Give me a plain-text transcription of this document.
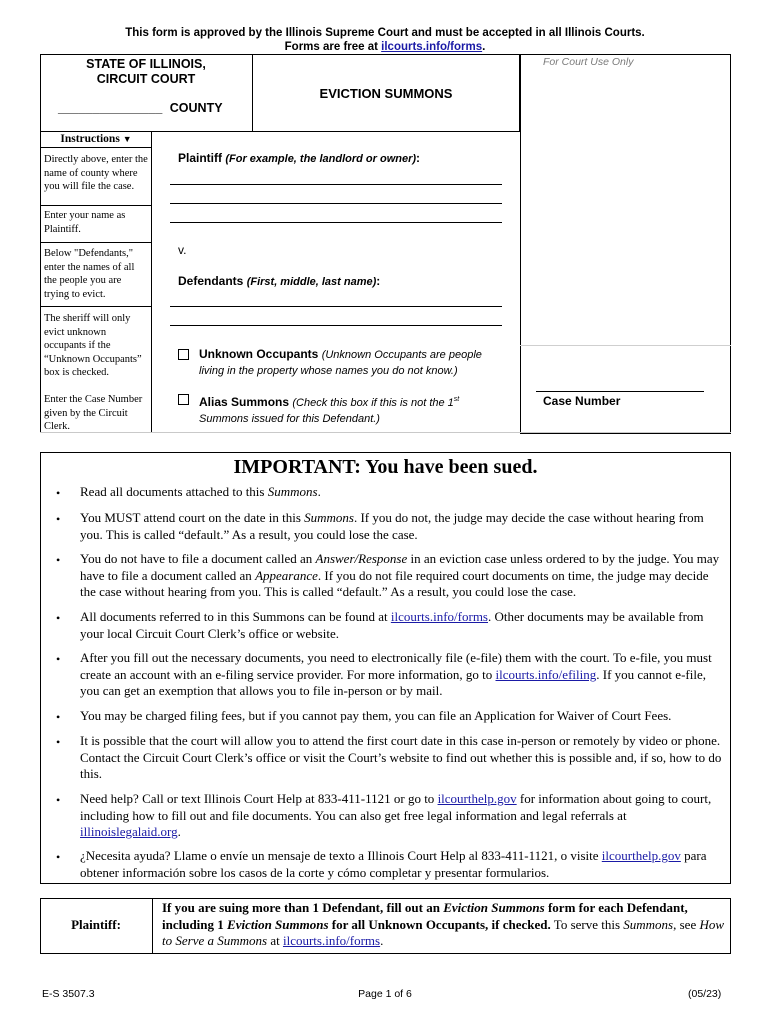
This form is approved by the Illinois Supreme Court and must be accepted in all Illinois Courts.
Forms are free at ilcourts.info/forms.
STATE OF ILLINOIS,
CIRCUIT COURT
_______________ COUNTY
EVICTION SUMMONS
For Court Use Only
Instructions ▼
Directly above, enter the name of county where you will file the case.
Enter your name as Plaintiff.
Below "Defendants," enter the names of all the people you are trying to evict.
The sheriff will only evict unknown occupants if the “Unknown Occupants” box is checked.
Enter the Case Number given by the Circuit Clerk.
Plaintiff (For example, the landlord or owner):
v.
Defendants (First, middle, last name):
Unknown Occupants (Unknown Occupants are people
living in the property whose names you do not know.)
Alias Summons (Check this box if this is not the 1st
Summons issued for this Defendant.)
Case Number
IMPORTANT: You have been sued.
• Read all documents attached to this Summons.
• You MUST attend court on the date in this Summons. If you do not, the judge may decide the case without hearing from you. This is called “default.” As a result, you could lose the case.
• You do not have to file a document called an Answer/Response in an eviction case unless ordered to by the judge. You may have to file a document called an Appearance. If you do not file required court documents on time, the judge may decide the case without hearing from you. This is called “default.” As a result, you could lose the case.
• All documents referred to in this Summons can be found at ilcourts.info/forms. Other documents may be available from your local Circuit Court Clerk’s office or website.
• After you fill out the necessary documents, you need to electronically file (e-file) them with the court. To e-file, you must create an account with an e-filing service provider. For more information, go to ilcourts.info/efiling. If you cannot e-file, you can get an exemption that allows you to file in-person or by mail.
• You may be charged filing fees, but if you cannot pay them, you can file an Application for Waiver of Court Fees.
• It is possible that the court will allow you to attend the first court date in this case in-person or remotely by video or phone. Contact the Circuit Court Clerk’s office or visit the Court’s website to find out whether this is possible and, if so, how to do this.
• Need help? Call or text Illinois Court Help at 833-411-1121 or go to ilcourthelp.gov for information about going to court, including how to fill out and file documents. You can also get free legal information and legal referrals at illinoislegalaid.org.
• ¿Necesita ayuda? Llame o envíe un mensaje de texto a Illinois Court Help al 833-411-1121, o visite ilcourthelp.gov para obtener información sobre los casos de la corte y cómo completar y presentar formularios.
Plaintiff:
If you are suing more than 1 Defendant, fill out an Eviction Summons form for each Defendant, including 1 Eviction Summons for all Unknown Occupants, if checked. To serve this Summons, see How to Serve a Summons at ilcourts.info/forms.
E-S 3507.3	Page 1 of 6	(05/23)
